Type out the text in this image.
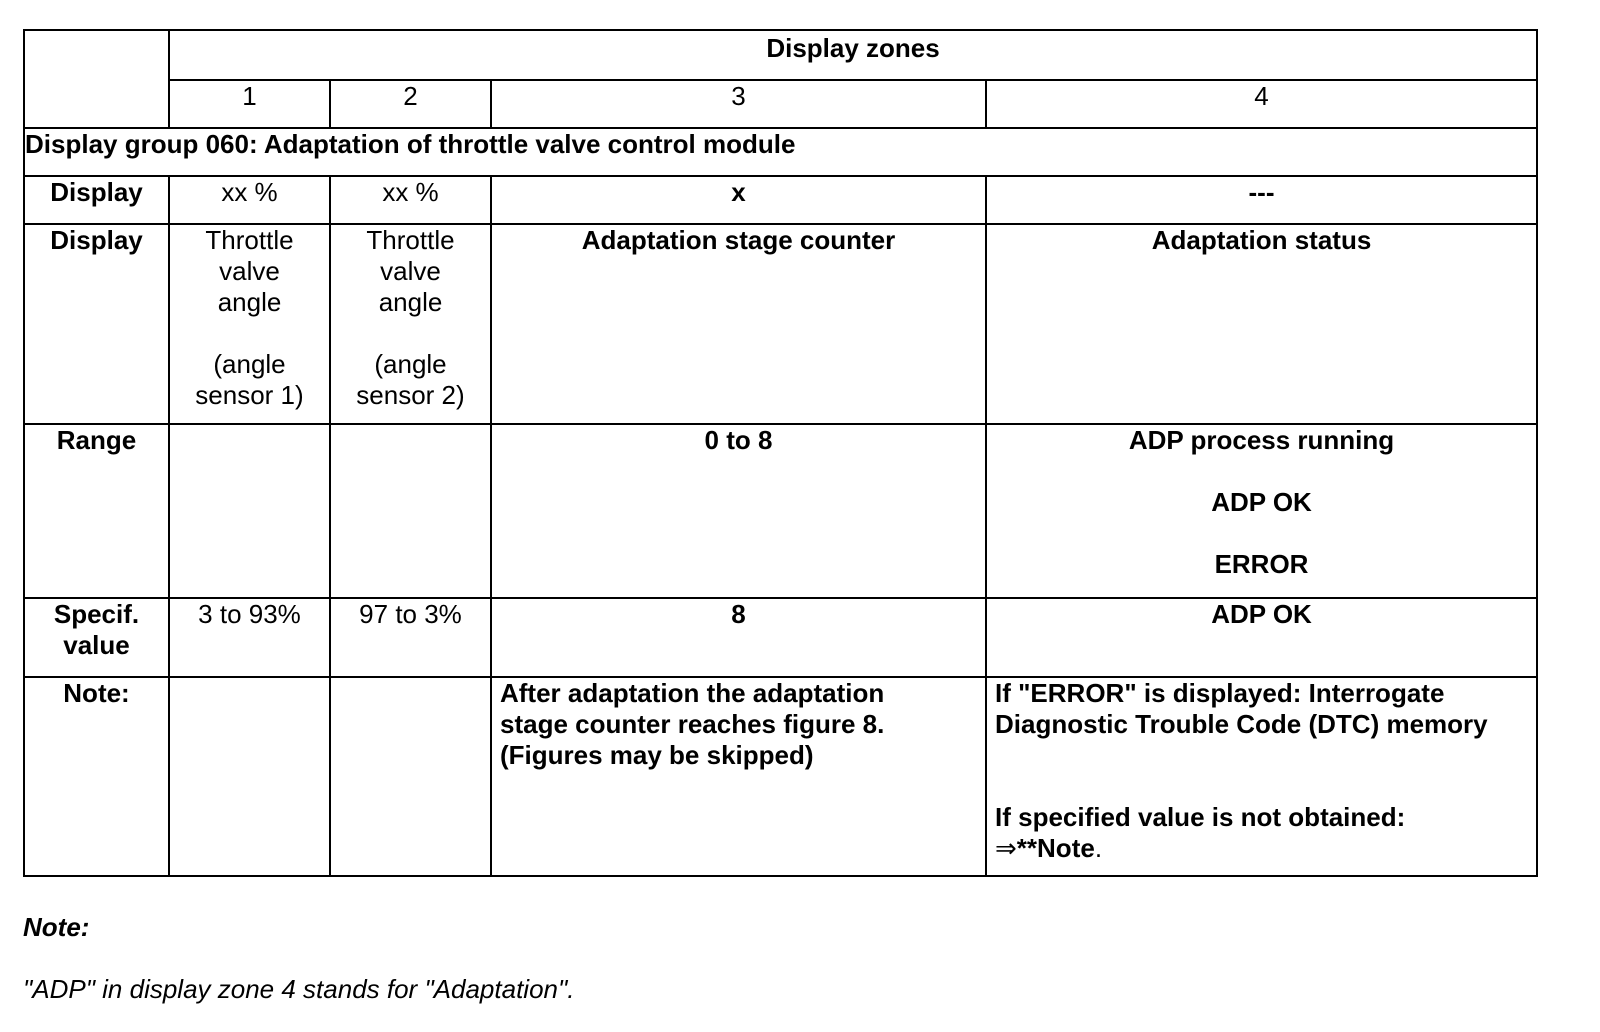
	Display zones			
	1	2	3	4
Display group 060: Adaptation of throttle valve control module				
Display	xx %	xx %	x	---
Display	Throttle
valve
angle
(angle
sensor 1)	Throttle
valve
angle
(angle
sensor 2)	Adaptation stage counter	Adaptation status
Range			0 to 8	ADP process running
ADP OK
ERROR

Specif.
value	3 to 93%	97 to 3%	8	ADP OK
Note:			After adaptation the adaptation
stage counter reaches figure 8.
(Figures may be skipped)	If "ERROR" is displayed: Interrogate
Diagnostic Trouble Code (DTC) memory
If specified value is not obtained:
⇒**Note.
Note:
"ADP" in display zone 4 stands for "Adaptation".
